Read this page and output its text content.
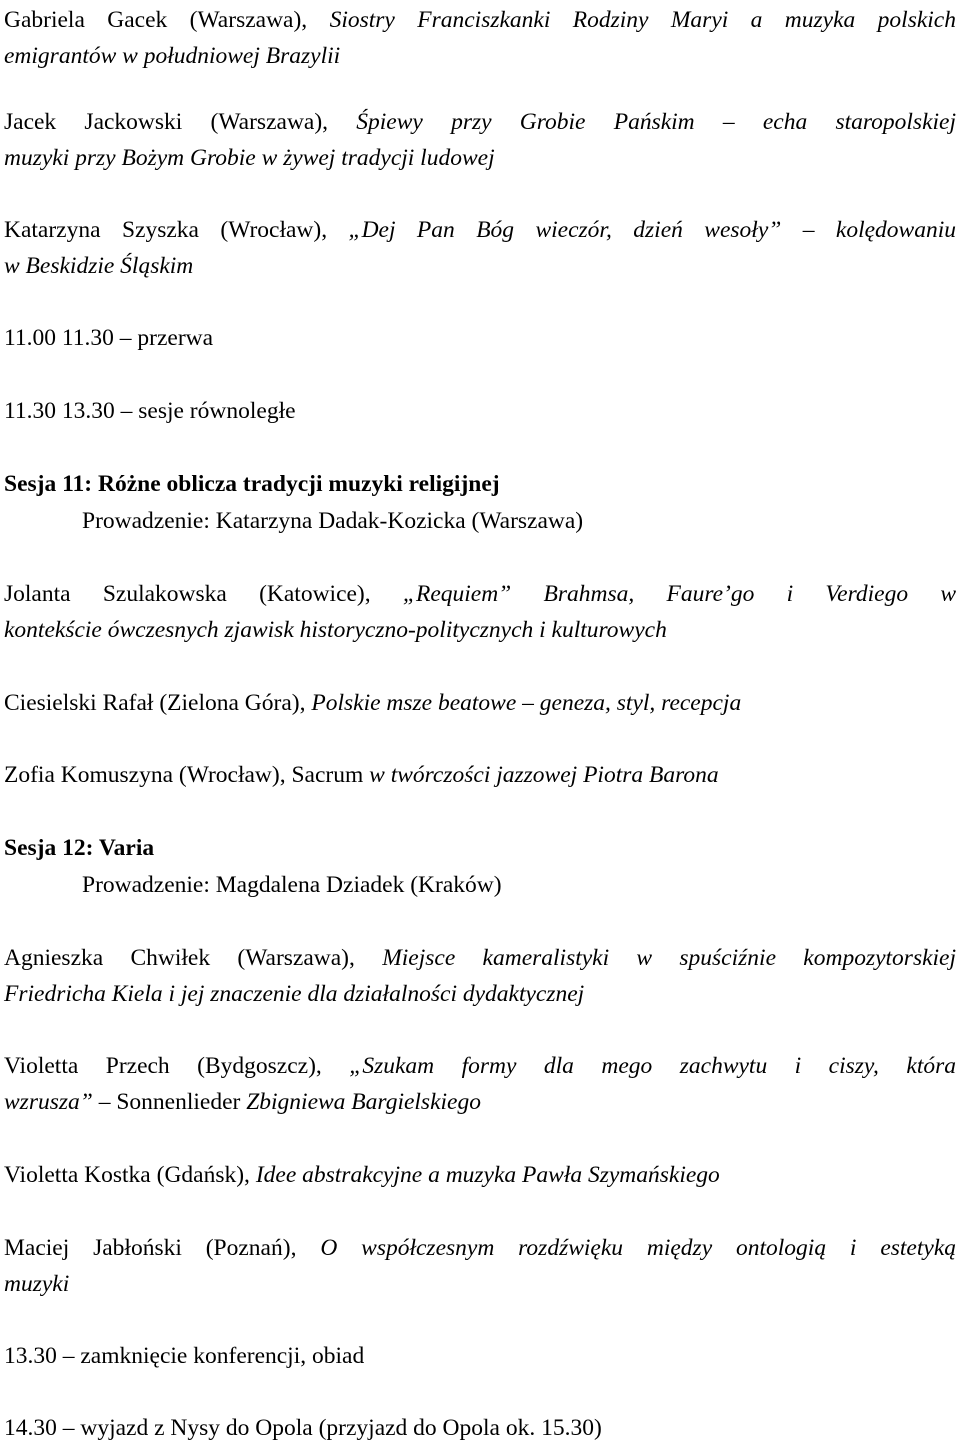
Gabriela Gacek (Warszawa), Siostry Franciszkanki Rodziny Maryi a muzyka polskich
emigrantów w południowej Brazylii

Jacek Jackowski (Warszawa), Śpiewy przy Grobie Pańskim – echa staropolskiej
muzyki przy Bożym Grobie w żywej tradycji ludowej

Katarzyna Szyszka (Wrocław), „Dej Pan Bóg wieczór, dzień wesoły” – kolędowaniu
w Beskidzie Śląskim

11.00 11.30 – przerwa

11.30 13.30 – sesje równoległe

Sesja 11: Różne oblicza tradycji muzyki religijnej

Prowadzenie: Katarzyna Dadak-Kozicka (Warszawa)

Jolanta Szulakowska (Katowice), „Requiem” Brahmsa, Faure’go i Verdiego w
kontekście ówczesnych zjawisk historyczno-politycznych i kulturowych

Ciesielski Rafał (Zielona Góra), Polskie msze beatowe – geneza, styl, recepcja

Zofia Komuszyna (Wrocław), Sacrum w twórczości jazzowej Piotra Barona

Sesja 12: Varia

Prowadzenie: Magdalena Dziadek (Kraków)

Agnieszka Chwiłek (Warszawa), Miejsce kameralistyki w spuściźnie kompozytorskiej
Friedricha Kiela i jej znaczenie dla działalności dydaktycznej

Violetta Przech (Bydgoszcz), „Szukam formy dla mego zachwytu i ciszy, która
wzrusza” – Sonnenlieder Zbigniewa Bargielskiego

Violetta Kostka (Gdańsk), Idee abstrakcyjne a muzyka Pawła Szymańskiego

Maciej Jabłoński (Poznań), O współczesnym rozdźwięku między ontologią i estetyką
muzyki

13.30 – zamknięcie konferencji, obiad

14.30 – wyjazd z Nysy do Opola (przyjazd do Opola ok. 15.30)
